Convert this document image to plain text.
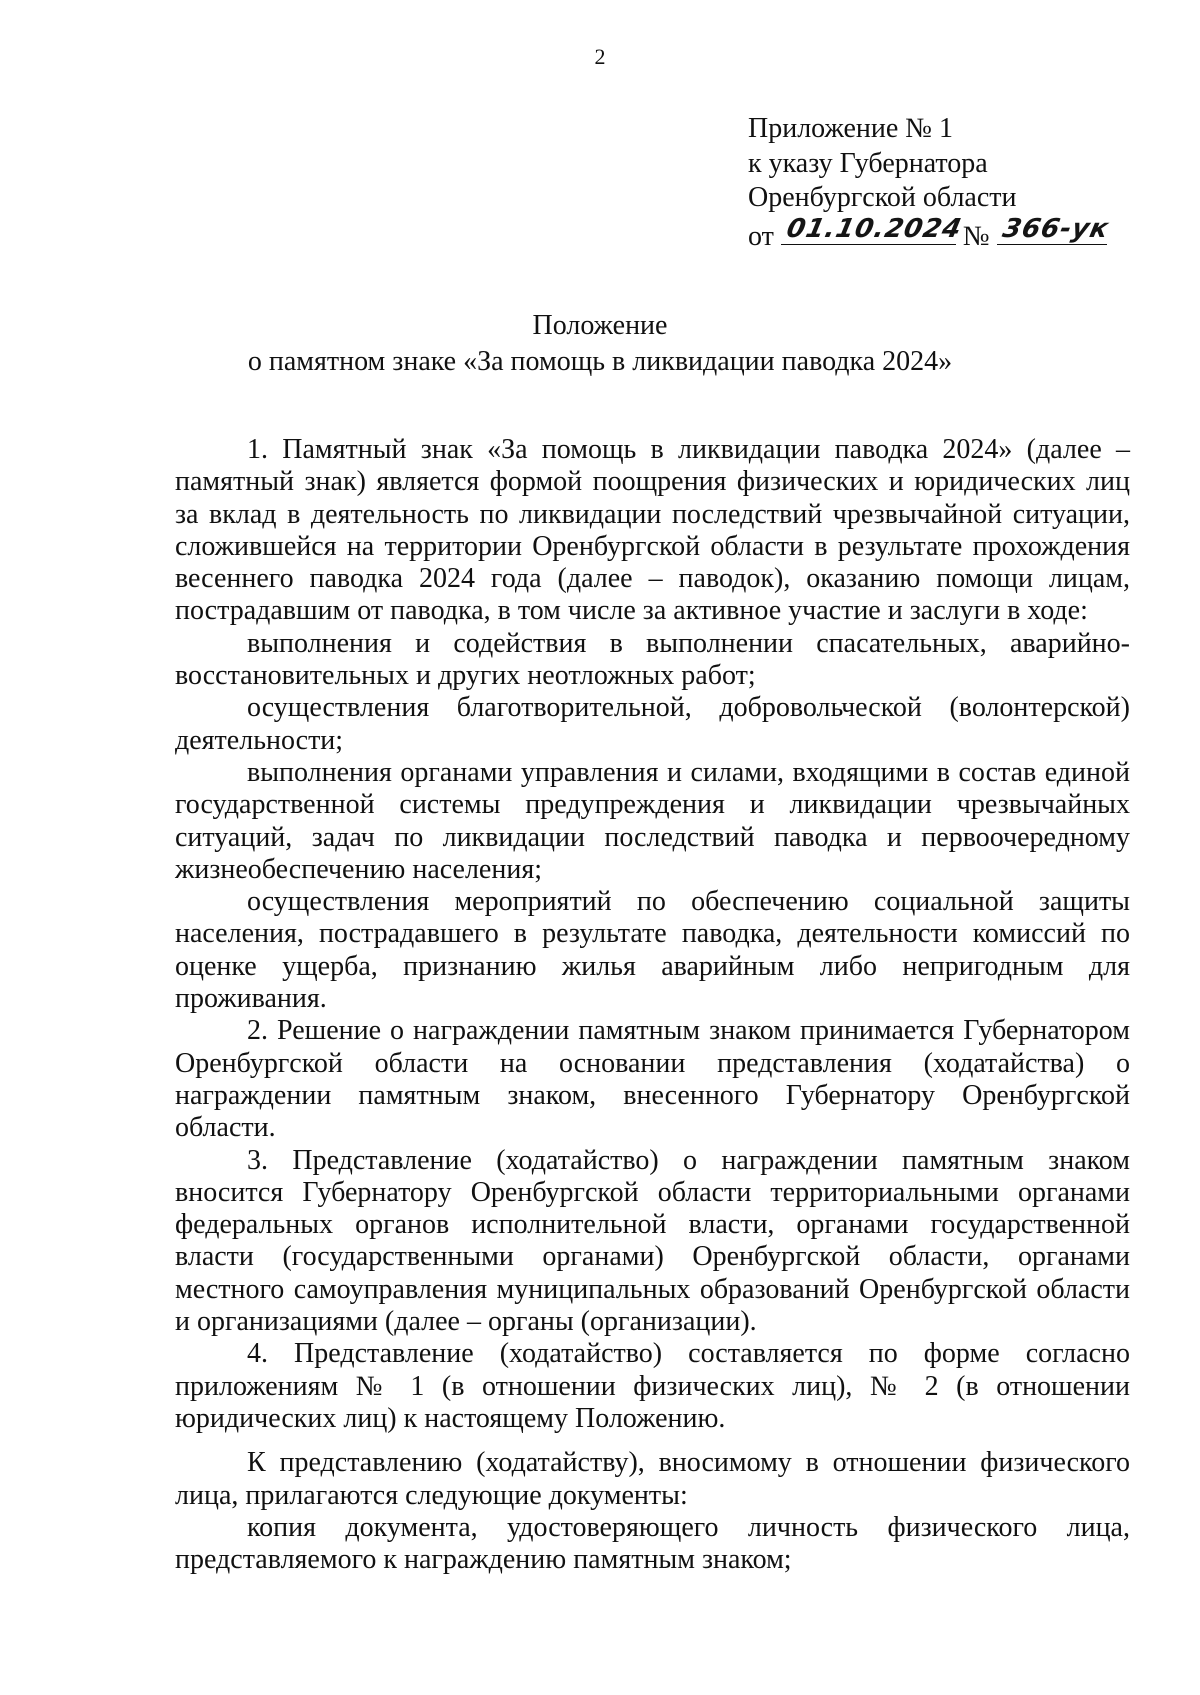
2
Приложение № 1
к указу Губернатора
Оренбургской области
от 01.10.2024
№ 366-ук
Положение
о памятном знаке «За помощь в ликвидации паводка 2024»

1. Памятный знак «За помощь в ликвидации паводка 2024» (далее – памятный знак) является формой поощрения физических и юридических лиц за вклад в деятельность по ликвидации последствий чрезвычайной ситуации, сложившейся на территории Оренбургской области в результате прохождения весеннего паводка 2024 года (далее – паводок), оказанию помощи лицам, пострадавшим от паводка, в том числе за активное участие и заслуги в ходе:

выполнения и содействия в выполнении спасательных, аварийно-восстановительных и других неотложных работ;

осуществления благотворительной, добровольческой (волонтерской) деятельности;

выполнения органами управления и силами, входящими в состав единой государственной системы предупреждения и ликвидации чрезвычайных ситуаций, задач по ликвидации последствий паводка и первоочередному жизнеобеспечению населения;

осуществления мероприятий по обеспечению социальной защиты населения, пострадавшего в результате паводка, деятельности комиссий по оценке ущерба, признанию жилья аварийным либо непригодным для проживания.

2. Решение о награждении памятным знаком принимается Губернатором Оренбургской области на основании представления (ходатайства) о награждении памятным знаком, внесенного Губернатору Оренбургской области.

3. Представление (ходатайство) о награждении памятным знаком вносится Губернатору Оренбургской области территориальными органами федеральных органов исполнительной власти, органами государственной власти (государственными органами) Оренбургской области, органами местного самоуправления муниципальных образований Оренбургской области и организациями (далее – органы (организации).

4. Представление (ходатайство) составляется по форме согласно приложениям № 1 (в отношении физических лиц), № 2 (в отношении юридических лиц) к настоящему Положению.

К представлению (ходатайству), вносимому в отношении физического лица, прилагаются следующие документы:

копия документа, удостоверяющего личность физического лица, представляемого к награждению памятным знаком;
